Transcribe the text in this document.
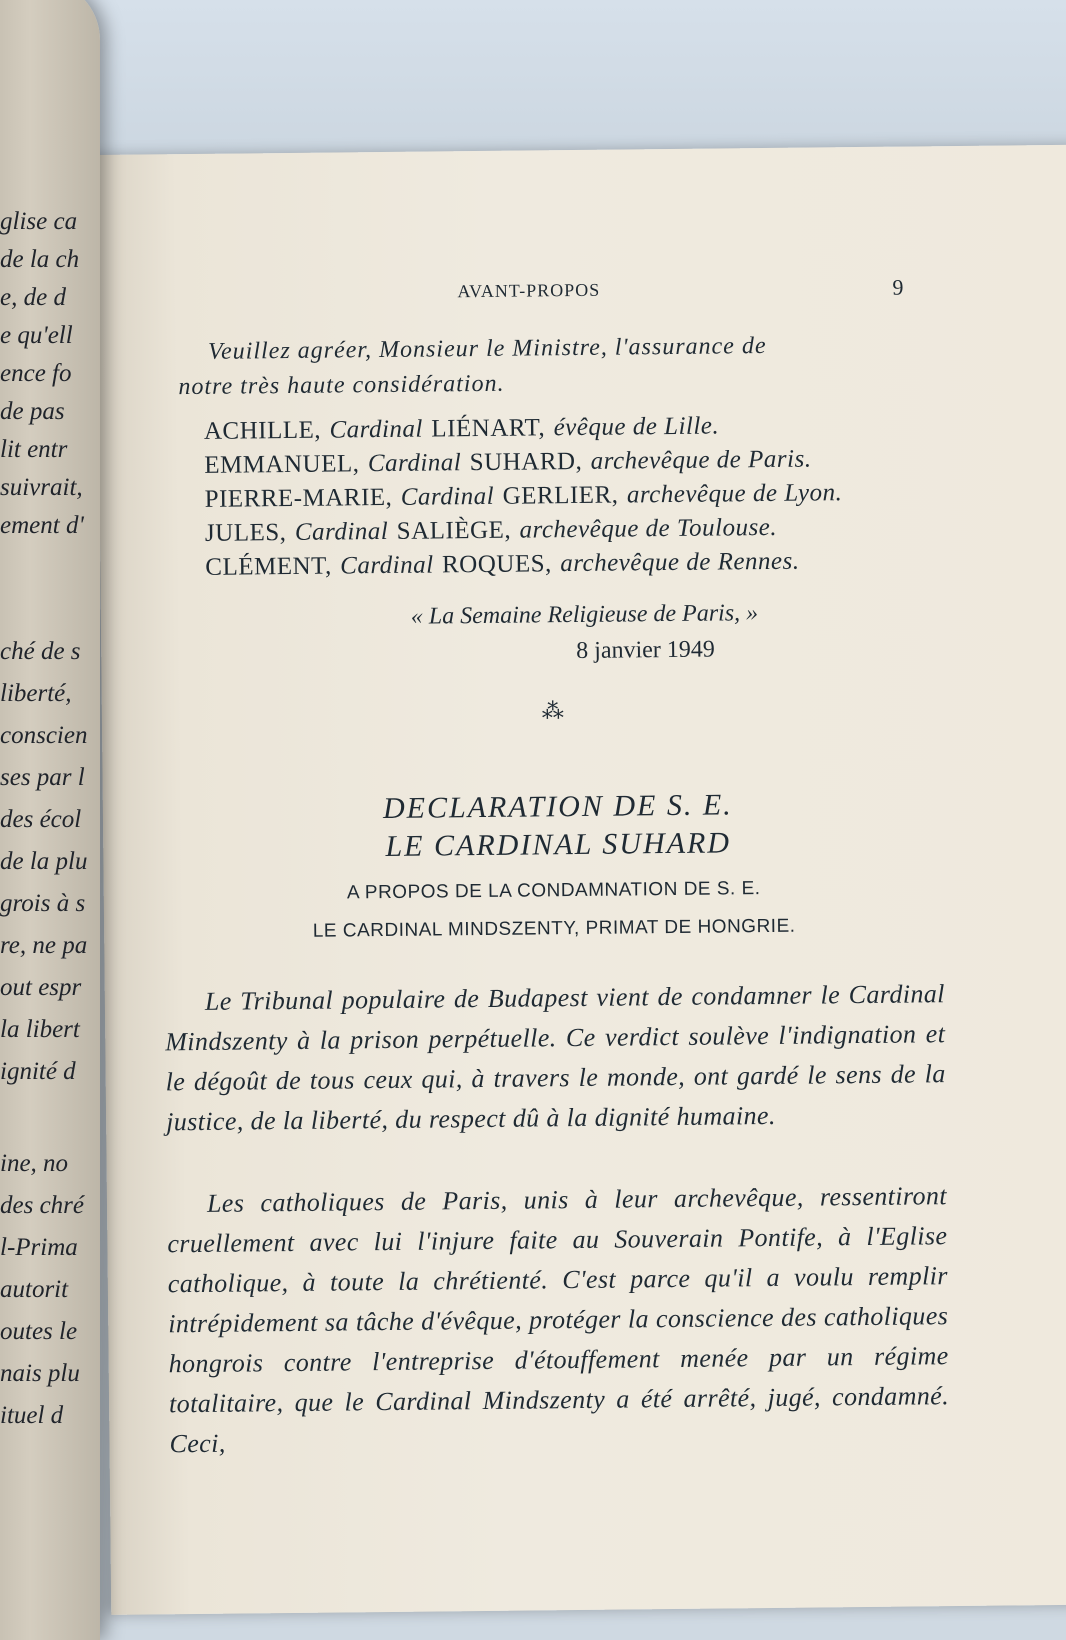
AVANT-PROPOS	9
Veuillez agréer, Monsieur le Ministre, l'assurance de
notre très haute considération.
ACHILLE, Cardinal LIÉNART, évêque de Lille.
EMMANUEL, Cardinal SUHARD, archevêque de Paris.
PIERRE-MARIE, Cardinal GERLIER, archevêque de Lyon.
JULES, Cardinal SALIÈGE, archevêque de Toulouse.
CLÉMENT, Cardinal ROQUES, archevêque de Rennes.
« La Semaine Religieuse de Paris, »
8 janvier 1949
⁂
DECLARATION DE S. E.
LE CARDINAL SUHARD
A PROPOS DE LA CONDAMNATION DE S. E.
LE CARDINAL MINDSZENTY, PRIMAT DE HONGRIE.
Le Tribunal populaire de Budapest vient de condamner le Cardinal Mindszenty à la prison perpétuelle. Ce verdict soulève l'indignation et le dégoût de tous ceux qui, à travers le monde, ont gardé le sens de la justice, de la liberté, du respect dû à la dignité humaine.
Les catholiques de Paris, unis à leur archevêque, ressentiront cruellement avec lui l'injure faite au Souverain Pontife, à l'Eglise catholique, à toute la chrétienté. C'est parce qu'il a voulu remplir intrépidement sa tâche d'évêque, protéger la conscience des catholiques hongrois contre l'entreprise d'étouffement menée par un régime totalitaire, que le Cardinal Mindszenty a été arrêté, jugé, condamné. Ceci,
glise ca
de la ch
e, de d
e qu'ell
ence fo
de pas
lit entr
suivrait,
ement d'
ché de s
liberté,
conscien
ses par l
des écol
de la plu
grois à s
re, ne pa
out espr
la libert
ignité d
ine, no
des chré
l-Prima
autorit
outes le
nais plu
ituel d
